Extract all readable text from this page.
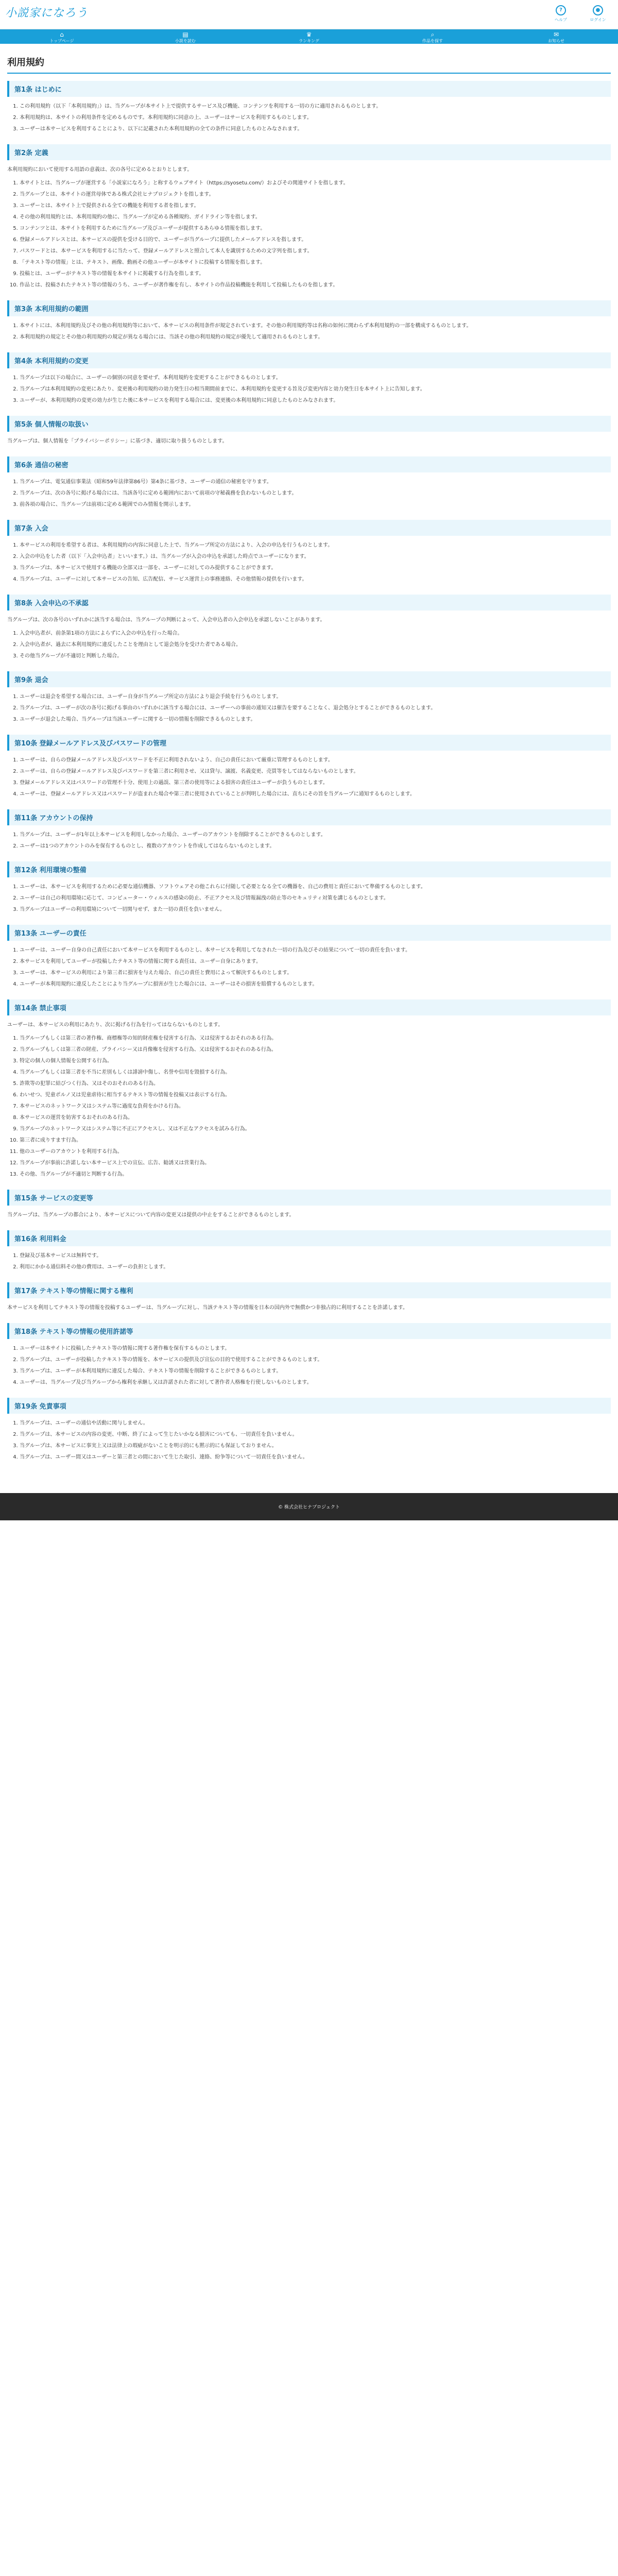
小説家になろう	?
ヘルプ
●
ログイン
⌂
トップページ
▤
小説を読む
♛
ランキング
⌕
作品を探す
✉
お知らせ
利用規約
第1条 はじめに
1. この利用規約（以下「本利用規約」）は、当グループが本サイト上で提供するサービス及び機能、コンテンツを利用する一切の方に適用されるものとします。
2. 本利用規約は、本サイトの利用条件を定めるものです。本利用規約に同意の上、ユーザーはサービスを利用するものとします。
3. ユーザーは本サービスを利用することにより、以下に記載された本利用規約の全ての条件に同意したものとみなされます。
第2条 定義
本利用規約において使用する用語の意義は、次の各号に定めるとおりとします。
1. 本サイトとは、当グループが運営する「小説家になろう」と称するウェブサイト（https://syosetu.com/）およびその関連サイトを指します。
2. 当グループとは、本サイトの運営母体である株式会社ヒナプロジェクトを指します。
3. ユーザーとは、本サイト上で提供される全ての機能を利用する者を指します。
4. その他の利用規約とは、本利用規約の他に、当グループが定める各種規約、ガイドライン等を指します。
5. コンテンツとは、本サイトを利用するために当グループ及びユーザーが提供するあらゆる情報を指します。
6. 登録メールアドレスとは、本サービスの提供を受ける目的で、ユーザーが当グループに提供したメールアドレスを指します。
7. パスワードとは、本サービスを利用するに当たって、登録メールアドレスと照合して本人を識別するための文字列を指します。
8. 「テキスト等の情報」とは、テキスト、画像、動画その他ユーザーが本サイトに投稿する情報を指します。
9. 投稿とは、ユーザーがテキスト等の情報を本サイトに掲載する行為を指します。
10. 作品とは、投稿されたテキスト等の情報のうち、ユーザーが著作権を有し、本サイトの作品投稿機能を利用して投稿したものを指します。
第3条 本利用規約の範囲
1. 本サイトには、本利用規約及びその他の利用規約等において、本サービスの利用条件が規定されています。その他の利用規約等は名称の如何に関わらず本利用規約の一部を構成するものとします。
2. 本利用規約の規定とその他の利用規約の規定が異なる場合には、当該その他の利用規約の規定が優先して適用されるものとします。
第4条 本利用規約の変更
1. 当グループは以下の場合に、ユーザーの個別の同意を要せず、本利用規約を変更することができるものとします。
2. 当グループは本利用規約の変更にあたり、変更後の利用規約の効力発生日の相当期間前までに、本利用規約を変更する旨及び変更内容と効力発生日を本サイト上に告知します。
3. ユーザーが、本利用規約の変更の効力が生じた後に本サービスを利用する場合には、変更後の本利用規約に同意したものとみなされます。
第5条 個人情報の取扱い
当グループは、個人情報を「プライバシーポリシー」に基づき、適切に取り扱うものとします。
第6条 通信の秘密
1. 当グループは、電気通信事業法（昭和59年法律第86号）第4条に基づき、ユーザーの通信の秘密を守ります。
2. 当グループは、次の各号に掲げる場合には、当該各号に定める範囲内において前項の守秘義務を負わないものとします。
3. 前各項の場合に、当グループは前項に定める範囲でのみ情報を開示します。
第7条 入会
1. 本サービスの利用を希望する者は、本利用規約の内容に同意した上で、当グループ所定の方法により、入会の申込を行うものとします。
2. 入会の申込をした者（以下「入会申込者」といいます。）は、当グループが入会の申込を承認した時点でユーザーになります。
3. 当グループは、本サービスで使用する機能の全部又は一部を、ユーザーに対してのみ提供することができます。
4. 当グループは、ユーザーに対して本サービスの告知、広告配信、サービス運営上の事務連絡、その他情報の提供を行います。
第8条 入会申込の不承認
当グループは、次の各号のいずれかに該当する場合は、当グループの判断によって、入会申込者の入会申込を承認しないことがあります。
1. 入会申込者が、前条第1項の方法によらずに入会の申込を行った場合。
2. 入会申込者が、過去に本利用規約に違反したことを理由として退会処分を受けた者である場合。
3. その他当グループが不適切と判断した場合。
第9条 退会
1. ユーザーは退会を希望する場合には、ユーザー自身が当グループ所定の方法により退会手続を行うものとします。
2. 当グループは、ユーザーが次の各号に掲げる事由のいずれかに該当する場合には、ユーザーへの事前の通知又は催告を要することなく、退会処分とすることができるものとします。
3. ユーザーが退会した場合、当グループは当該ユーザーに関する一切の情報を削除できるものとします。
第10条 登録メールアドレス及びパスワードの管理
1. ユーザーは、自らの登録メールアドレス及びパスワードを不正に利用されないよう、自己の責任において厳重に管理するものとします。
2. ユーザーは、自らの登録メールアドレス及びパスワードを第三者に利用させ、又は貸与、譲渡、名義変更、売買等をしてはならないものとします。
3. 登録メールアドレス又はパスワードの管理不十分、使用上の過誤、第三者の使用等による損害の責任はユーザーが負うものとします。
4. ユーザーは、登録メールアドレス又はパスワードが盗まれた場合や第三者に使用されていることが判明した場合には、直ちにその旨を当グループに通知するものとします。
第11条 アカウントの保持
1. 当グループは、ユーザーが1年以上本サービスを利用しなかった場合、ユーザーのアカウントを削除することができるものとします。
2. ユーザーは1つのアカウントのみを保有するものとし、複数のアカウントを作成してはならないものとします。
第12条 利用環境の整備
1. ユーザーは、本サービスを利用するために必要な通信機器、ソフトウェアその他これらに付随して必要となる全ての機器を、自己の費用と責任において準備するものとします。
2. ユーザーは自己の利用環境に応じて、コンピューター・ウィルスの感染の防止、不正アクセス及び情報漏洩の防止等のセキュリティ対策を講じるものとします。
3. 当グループはユーザーの利用環境について一切関与せず、また一切の責任を負いません。
第13条 ユーザーの責任
1. ユーザーは、ユーザー自身の自己責任において本サービスを利用するものとし、本サービスを利用してなされた一切の行為及びその結果について一切の責任を負います。
2. 本サービスを利用してユーザーが投稿したテキスト等の情報に関する責任は、ユーザー自身にあります。
3. ユーザーは、本サービスの利用により第三者に損害を与えた場合、自己の責任と費用によって解決するものとします。
4. ユーザーが本利用規約に違反したことにより当グループに損害が生じた場合には、ユーザーはその損害を賠償するものとします。
第14条 禁止事項
ユーザーは、本サービスの利用にあたり、次に掲げる行為を行ってはならないものとします。
1. 当グループもしくは第三者の著作権、商標権等の知的財産権を侵害する行為、又は侵害するおそれのある行為。
2. 当グループもしくは第三者の財産、プライバシー又は肖像権を侵害する行為、又は侵害するおそれのある行為。
3. 特定の個人の個人情報を公開する行為。
4. 当グループもしくは第三者を不当に差別もしくは誹謗中傷し、名誉や信用を毀損する行為。
5. 詐欺等の犯罪に結びつく行為、又はそのおそれのある行為。
6. わいせつ、児童ポルノ又は児童虐待に相当するテキスト等の情報を投稿又は表示する行為。
7. 本サービスのネットワーク又はシステム等に過度な負荷をかける行為。
8. 本サービスの運営を妨害するおそれのある行為。
9. 当グループのネットワーク又はシステム等に不正にアクセスし、又は不正なアクセスを試みる行為。
10. 第三者に成りすます行為。
11. 他のユーザーのアカウントを利用する行為。
12. 当グループが事前に許諾しない本サービス上での宣伝、広告、勧誘又は営業行為。
13. その他、当グループが不適切と判断する行為。
第15条 サービスの変更等
当グループは、当グループの都合により、本サービスについて内容の変更又は提供の中止をすることができるものとします。
第16条 利用料金
1. 登録及び基本サービスは無料です。
2. 利用にかかる通信料その他の費用は、ユーザーの負担とします。
第17条 テキスト等の情報に関する権利
本サービスを利用してテキスト等の情報を投稿するユーザーは、当グループに対し、当該テキスト等の情報を日本の国内外で無償かつ非独占的に利用することを許諾します。
第18条 テキスト等の情報の使用許諾等
1. ユーザーは本サイトに投稿したテキスト等の情報に関する著作権を保有するものとします。
2. 当グループは、ユーザーが投稿したテキスト等の情報を、本サービスの提供及び宣伝の目的で使用することができるものとします。
3. 当グループは、ユーザーが本利用規約に違反した場合、テキスト等の情報を削除することができるものとします。
4. ユーザーは、当グループ及び当グループから権利を承継し又は許諾された者に対して著作者人格権を行使しないものとします。
第19条 免責事項
1. 当グループは、ユーザーの通信や活動に関与しません。
2. 当グループは、本サービスの内容の変更、中断、終了によって生じたいかなる損害についても、一切責任を負いません。
3. 当グループは、本サービスに事実上又は法律上の瑕疵がないことを明示的にも黙示的にも保証しておりません。
4. 当グループは、ユーザー間又はユーザーと第三者との間において生じた取引、連絡、紛争等について一切責任を負いません。
© 株式会社ヒナプロジェクト
